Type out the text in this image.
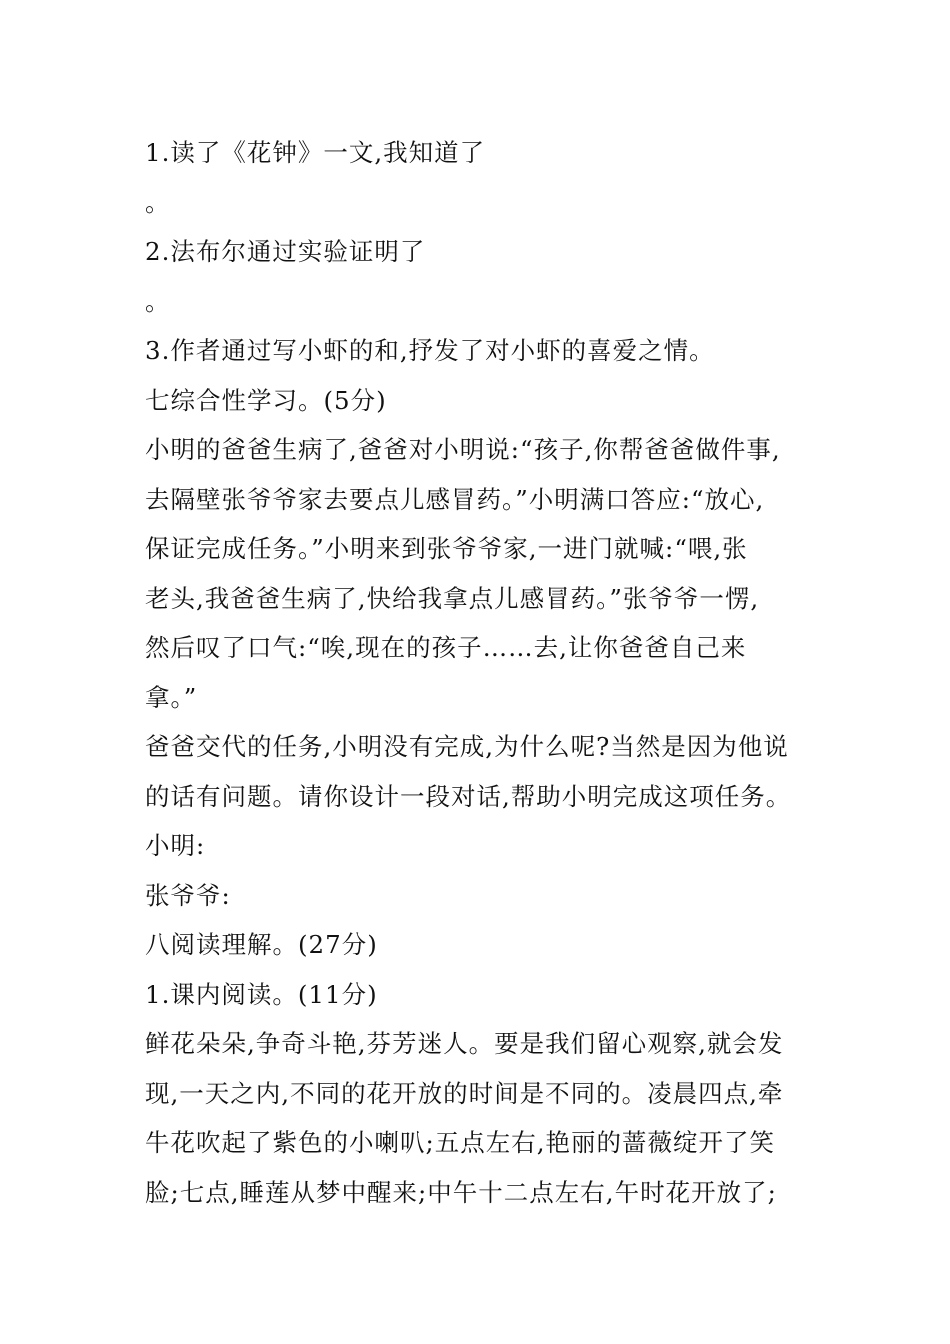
1.读了《花钟》一文,我知道了
。
2.法布尔通过实验证明了
。
3.作者通过写小虾的和,抒发了对小虾的喜爱之情。
七综合性学习。(5分)
小明的爸爸生病了,爸爸对小明说:“孩子,你帮爸爸做件事,
去隔壁张爷爷家去要点儿感冒药。”小明满口答应:“放心,
保证完成任务。”小明来到张爷爷家,一进门就喊:“喂,张
老头,我爸爸生病了,快给我拿点儿感冒药。”张爷爷一愣,
然后叹了口气:“唉,现在的孩子……去,让你爸爸自己来
拿。”
爸爸交代的任务,小明没有完成,为什么呢?当然是因为他说
的话有问题。请你设计一段对话,帮助小明完成这项任务。
小明:
张爷爷:
八阅读理解。(27分)
1.课内阅读。(11分)
鲜花朵朵,争奇斗艳,芬芳迷人。要是我们留心观察,就会发
现,一天之内,不同的花开放的时间是不同的。凌晨四点,牵
牛花吹起了紫色的小喇叭;五点左右,艳丽的蔷薇绽开了笑
脸;七点,睡莲从梦中醒来;中午十二点左右,午时花开放了;
